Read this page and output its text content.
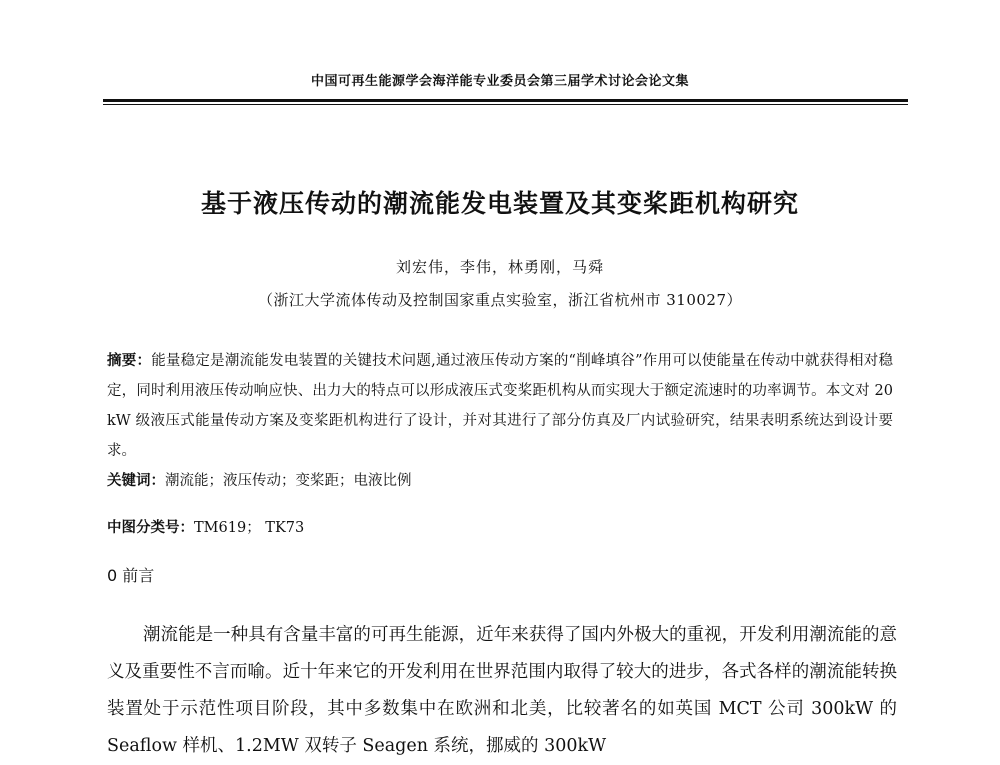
中国可再生能源学会海洋能专业委员会第三届学术讨论会论文集
基于液压传动的潮流能发电装置及其变桨距机构研究
刘宏伟，李伟，林勇刚，马舜
（浙江大学流体传动及控制国家重点实验室，浙江省杭州市 310027）
摘要：能量稳定是潮流能发电装置的关键技术问题,通过液压传动方案的“削峰填谷”作用可以使能量在传动中就获得相对稳定，同时利用液压传动响应快、出力大的特点可以形成液压式变桨距机构从而实现大于额定流速时的功率调节。本文对 20 kW 级液压式能量传动方案及变桨距机构进行了设计，并对其进行了部分仿真及厂内试验研究，结果表明系统达到设计要求。
关键词：潮流能；液压传动；变桨距；电液比例
中图分类号：TM619； TK73
0 前言
潮流能是一种具有含量丰富的可再生能源，近年来获得了国内外极大的重视，开发利用潮流能的意义及重要性不言而喻。近十年来它的开发利用在世界范围内取得了较大的进步，各式各样的潮流能转换装置处于示范性项目阶段，其中多数集中在欧洲和北美，比较著名的如英国 MCT 公司 300kW 的 Seaflow 样机、1.2MW 双转子 Seagen 系统，挪威的 300kW
